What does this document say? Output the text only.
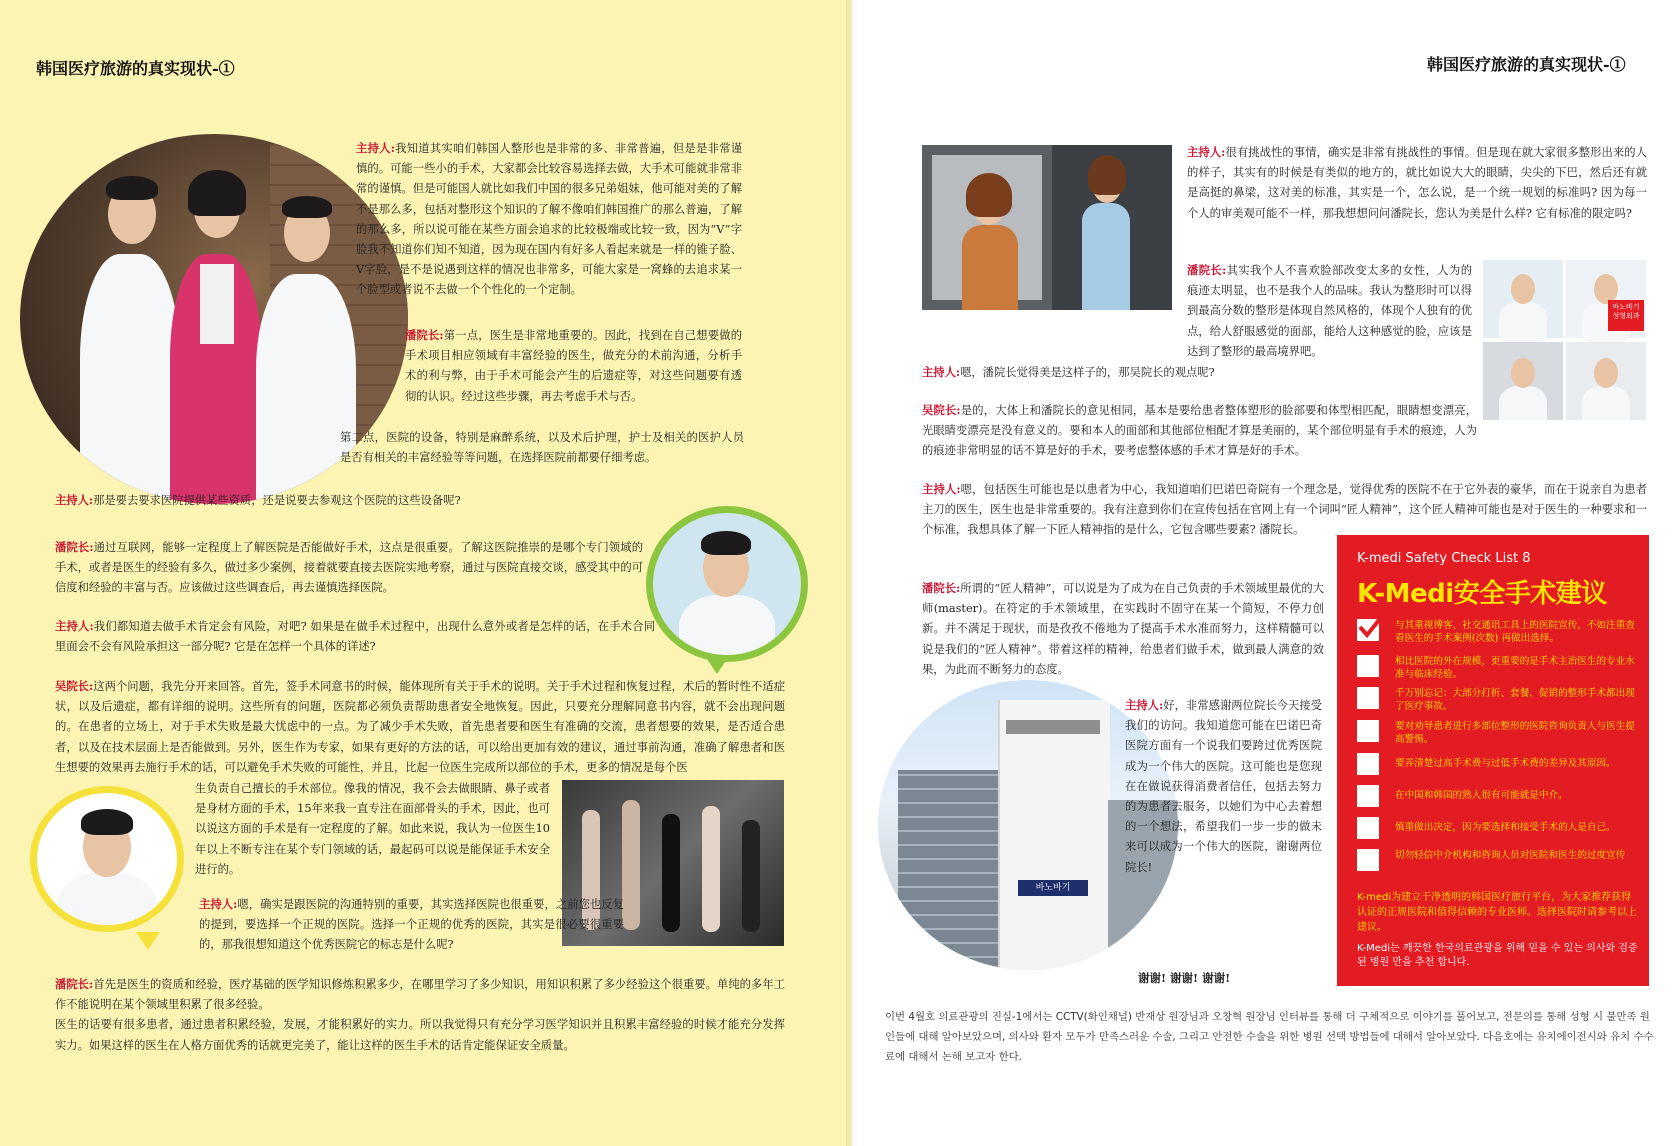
韩国医疗旅游的真实现状-①	韩国医疗旅游的真实现状-①

主持人:我知道其实咱们韩国人整形也是非常的多、非常普遍，但是是非常谨慎的。可能一些小的手术，大家都会比较容易选择去做，大手术可能就非常非常的谨慎。但是可能国人就比如我们中国的很多兄弟姐妹，他可能对美的了解不是那么多，包括对整形这个知识的了解不像咱们韩国推广的那么普遍，了解的那么多，所以说可能在某些方面会追求的比较极端或比较一致，因为“V”字脸我不知道你们知不知道，因为现在国内有好多人看起来就是一样的锥子脸、V字脸，是不是说遇到这样的情况也非常多，可能大家是一窝蜂的去追求某一个脸型或者说不去做一个个性化的一个定制。

潘院长:第一点，医生是非常地重要的。因此，找到在自己想要做的手术项目相应领域有丰富经验的医生，做充分的术前沟通，分析手术的利与弊，由于手术可能会产生的后遗症等，对这些问题要有透彻的认识。经过这些步骤，再去考虑手术与否。

第二点，医院的设备，特别是麻醉系统，以及术后护理，护士及相关的医护人员是否有相关的丰富经验等等问题，在选择医院前都要仔细考虑。

主持人:那是要去要求医院提供某些资质，还是说要去参观这个医院的这些设备呢?

潘院长:通过互联网，能够一定程度上了解医院是否能做好手术，这点是很重要。了解这医院推崇的是哪个专门领域的手术，或者是医生的经验有多久，做过多少案例，接着就要直接去医院实地考察，通过与医院直接交谈，感受其中的可信度和经验的丰富与否。应该做过这些调查后，再去谨慎选择医院。

主持人:我们都知道去做手术肯定会有风险，对吧? 如果是在做手术过程中，出现什么意外或者是怎样的话，在手术合同里面会不会有风险承担这一部分呢? 它是在怎样一个具体的详述?

吴院长:这两个问题，我先分开来回答。首先，签手术同意书的时候，能体现所有关于手术的说明。关于手术过程和恢复过程，术后的暂时性不适症状，以及后遗症，都有详细的说明。这些所有的问题，医院都必须负责帮助患者安全地恢复。因此，只要充分理解同意书内容，就不会出现问题的。在患者的立场上，对于手术失败是最大忧虑中的一点。为了减少手术失败，首先患者要和医生有准确的交流，患者想要的效果，是否适合患者，以及在技术层面上是否能做到。另外，医生作为专家，如果有更好的方法的话，可以给出更加有效的建议，通过事前沟通，准确了解患者和医生想要的效果再去施行手术的话，可以避免手术失败的可能性，并且，比起一位医生完成所以部位的手术，更多的情况是每个医

生负责自己擅长的手术部位。像我的情况，我不会去做眼睛、鼻子或者是身材方面的手术，15年来我一直专注在面部骨头的手术，因此，也可以说这方面的手术是有一定程度的了解。如此来说，我认为一位医生10年以上不断专注在某个专门领域的话，最起码可以说是能保证手术安全进行的。

主持人:嗯，确实是跟医院的沟通特别的重要，其实选择医院也很重要，之前您也反复的提到，要选择一个正规的医院。选择一个正规的优秀的医院，其实是很必要很重要的，那我很想知道这个优秀医院它的标志是什么呢?

潘院长:首先是医生的资质和经验，医疗基础的医学知识修炼积累多少，在哪里学习了多少知识，用知识积累了多少经验这个很重要。单纯的多年工作不能说明在某个领域里积累了很多经验。
医生的话要有很多患者，通过患者积累经验，发展，才能积累好的实力。所以我觉得只有充分学习医学知识并且积累丰富经验的时候才能充分发挥实力。如果这样的医生在人格方面优秀的话就更完美了，能让这样的医生手术的话肯定能保证安全质量。

主持人:很有挑战性的事情，确实是非常有挑战性的事情。但是现在就大家很多整形出来的人的样子，其实有的时候是有类似的地方的，就比如说大大的眼睛，尖尖的下巴，然后还有就是高挺的鼻梁，这对美的标准，其实是一个，怎么说，是一个统一规划的标准吗? 因为每一个人的审美观可能不一样，那我想想问问潘院长，您认为美是什么样? 它有标准的限定吗?

바노바기
성형외과

潘院长:其实我个人不喜欢脸部改变太多的女性，人为的痕迹太明显，也不是我个人的品味。我认为整形时可以得到最高分数的整形是体现自然风格的，体现个人独有的优点，给人舒服感觉的面部，能给人这种感觉的脸，应该是达到了整形的最高境界吧。

主持人:嗯，潘院长觉得美是这样子的，那吴院长的观点呢?

吴院长:是的，大体上和潘院长的意见相同，基本是要给患者整体塑形的脸部要和体型相匹配，眼睛想变漂亮，光眼睛变漂亮是没有意义的。要和本人的面部和其他部位相配才算是美丽的，某个部位明显有手术的痕迹，人为的痕迹非常明显的话不算是好的手术，要考虑整体感的手术才算是好的手术。

主持人:嗯，包括医生可能也是以患者为中心，我知道咱们巴诺巴奇院有一个理念是，觉得优秀的医院不在于它外表的豪华，而在于说亲自为患者主刀的医生，医生也是非常重要的。我有注意到你们在宣传包括在官网上有一个词叫“匠人精神”，这个匠人精神可能也是对于医生的一种要求和一个标准，我想具体了解一下匠人精神指的是什么，它包含哪些要素? 潘院长。

潘院长:所谓的“匠人精神”，可以说是为了成为在自己负责的手术领域里最优的大师(master)。在符定的手术领域里，在实践时不固守在某一个简短，不停力创新。并不满足于现状，而是孜孜不倦地为了提高手术水准而努力，这样精髓可以说是我们的“匠人精神”。带着这样的精神，给患者们做手术，做到最人满意的效果，为此而不断努力的态度。

바노바기

主持人:好，非常感谢两位院长今天接受我们的访问。我知道您可能在巴诺巴奇医院方面有一个说我们要跨过优秀医院成为一个伟大的医院。这可能也是您现在在做说获得消费者信任，包括去努力的为患者去服务，以她们为中心去着想的一个想法，希望我们一步一步的做未来可以成为一个伟大的医院，谢谢两位院长!

谢谢! 谢谢! 谢谢!
K-medi Safety Check List 8
K-Medi安全手术建议
与其重视博客、社交通讯工具上的医院宣传，不如注重查看医生的手术案例(次数) 再做出选择。
相比医院的外在规模，更重要的是手术主治医生的专业水准与临床经验。
千万别忘记：大部分打折、套餐、促销的整形手术都出现了医疗事故。
要对劝导患者进行多部位整形的医院咨询负责人与医生提高警惕。
要弄清楚过高手术费与过低手术费的差异及其原因。
在中国和韩国的熟人很有可能就是中介。
慎重做出决定，因为要选择和接受手术的人是自己。
切勿轻信中介机构和咨询人员对医院和医生的过度宣传
K-medi为建立干净透明的韩国医疗旅行平台，为大家推荐获得认证的正规医院和值得信赖的专业医师。选择医院时请参考以上建议。
K-Medi는 깨끗한 한국의료관광을 위해 믿을 수 있는 의사와 검증된 병원 만을 추천 합니다.

이번 4월호 의료관광의 진실-1에서는 CCTV(화인채널) 반재상 원장님과 오창혁 원장님 인터뷰를 통해 더 구체적으로 이야기를 풀어보고, 전문의를 통해 성형 시 불만족 원인들에 대해 알아보았으며, 의사와 환자 모두가 만족스러운 수술, 그리고 안전한 수술을 위한 병원 선택 방법들에 대해서 알아보았다. 다음호에는 유치에이전시와 유치 수수료에 대해서 논해 보고자 한다.
